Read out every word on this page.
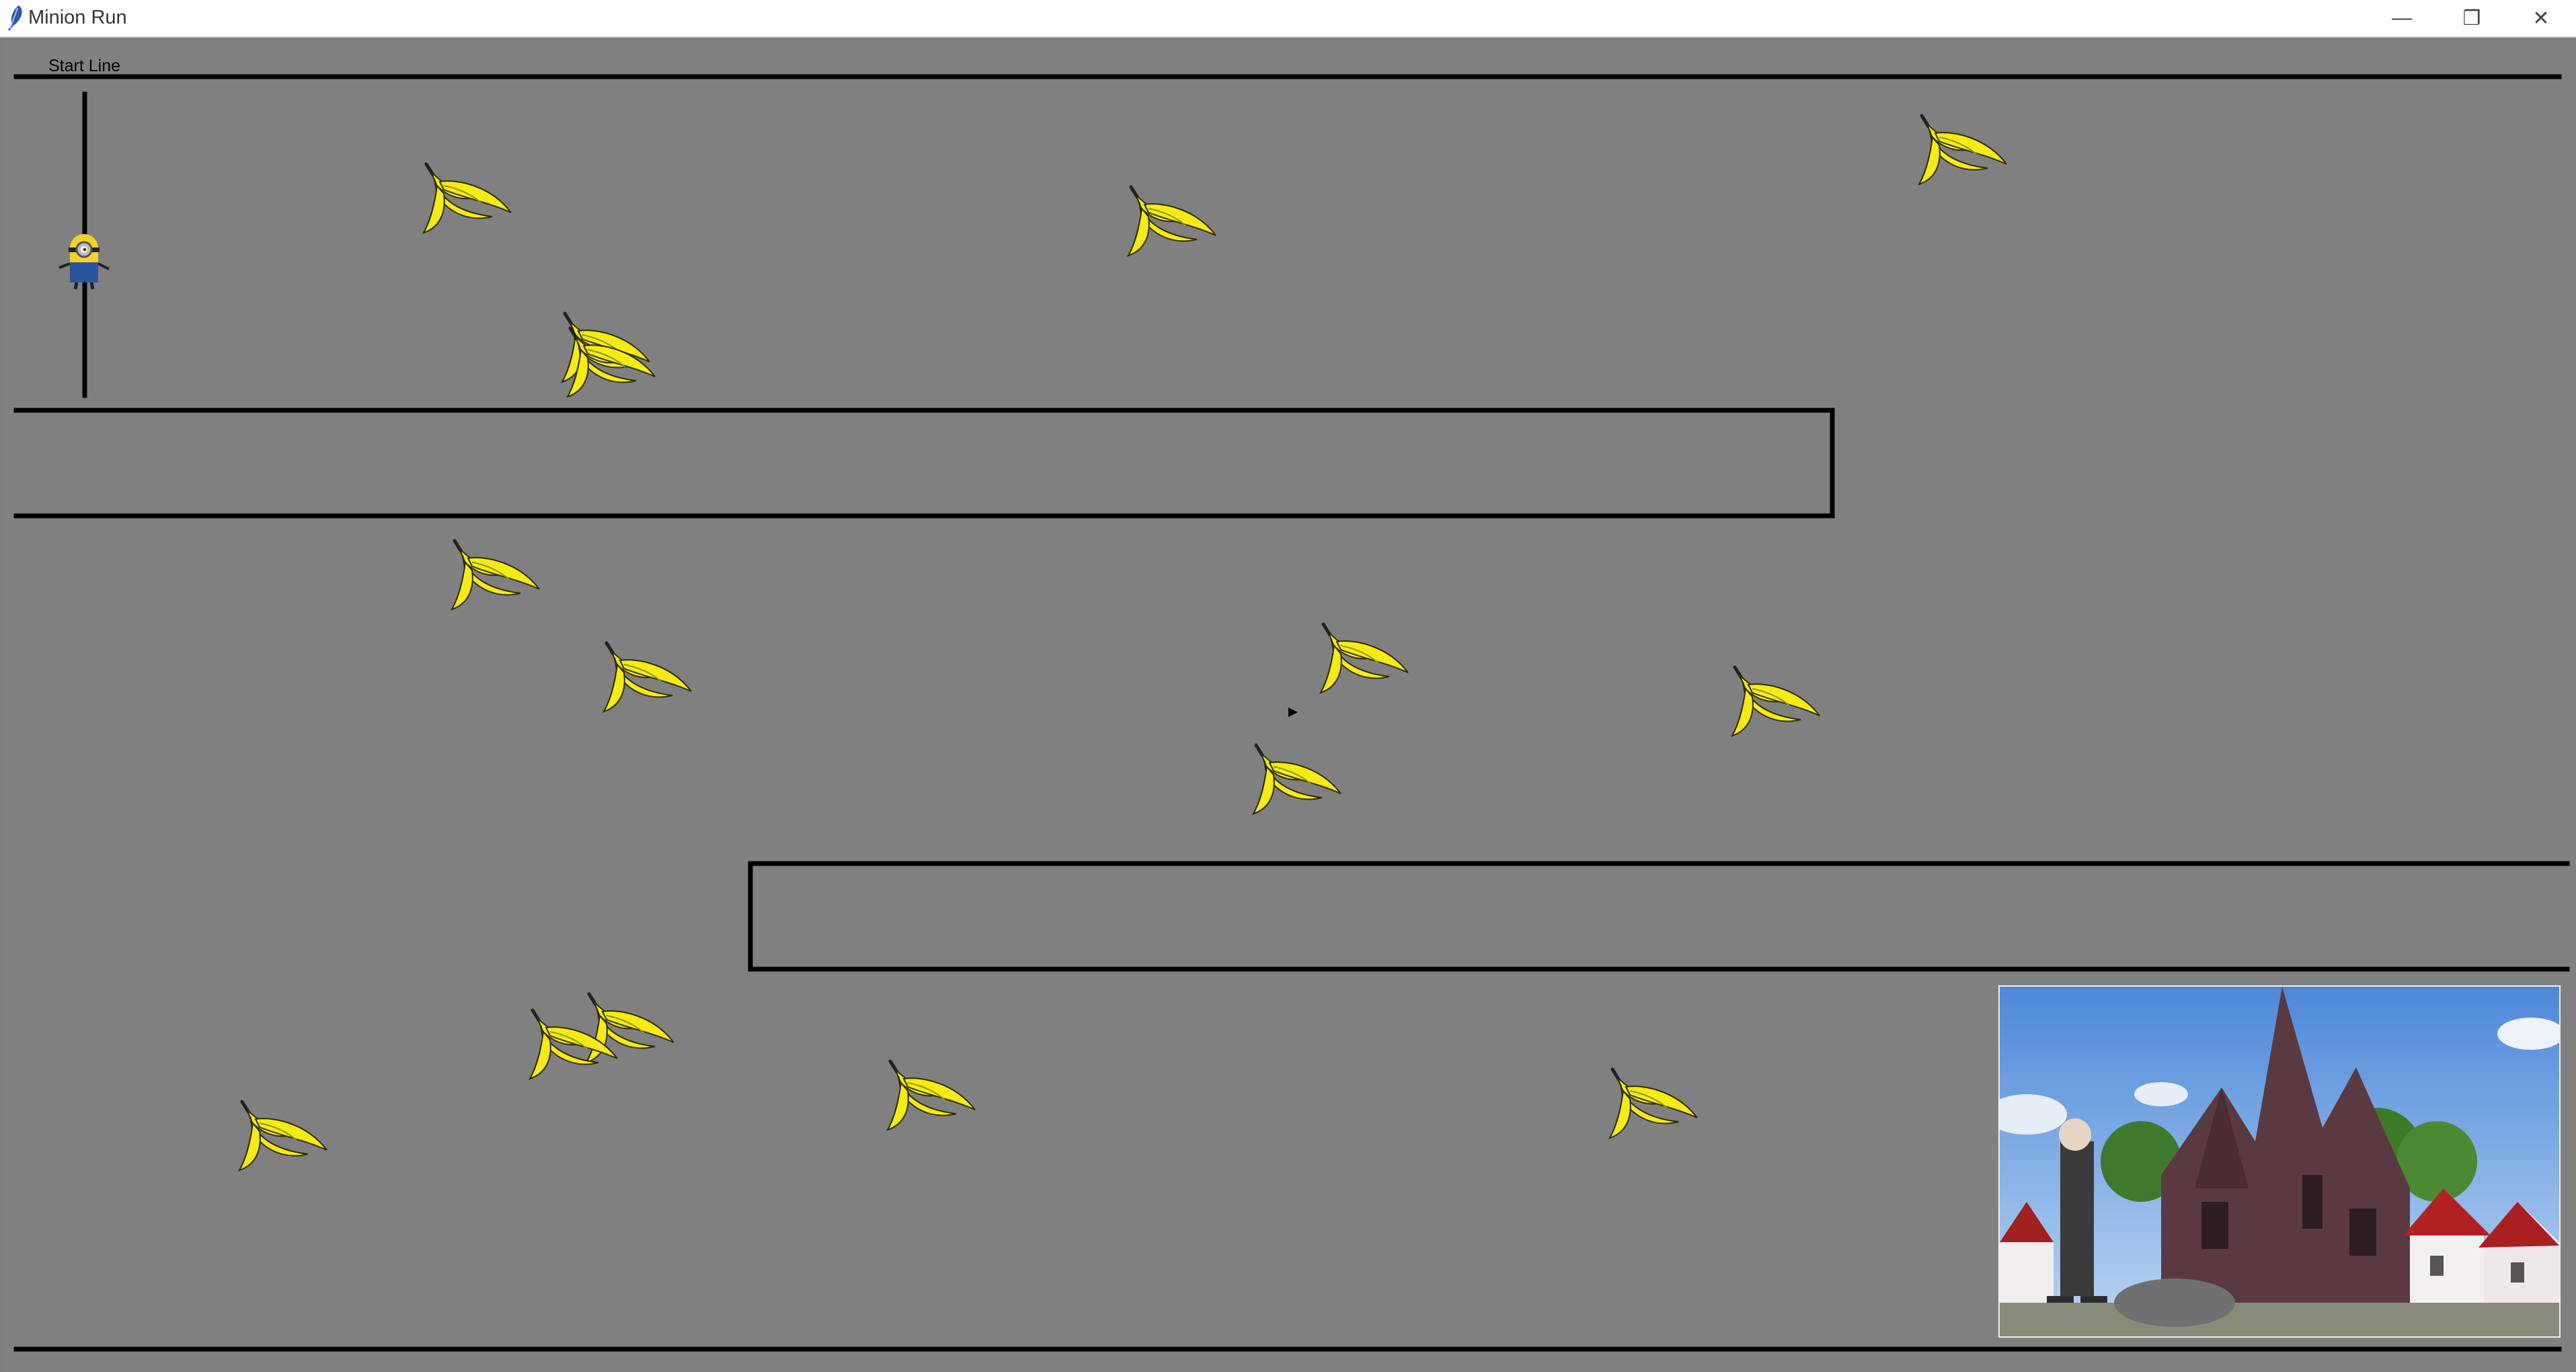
Minion Run	—	❐	✕
Start Line
